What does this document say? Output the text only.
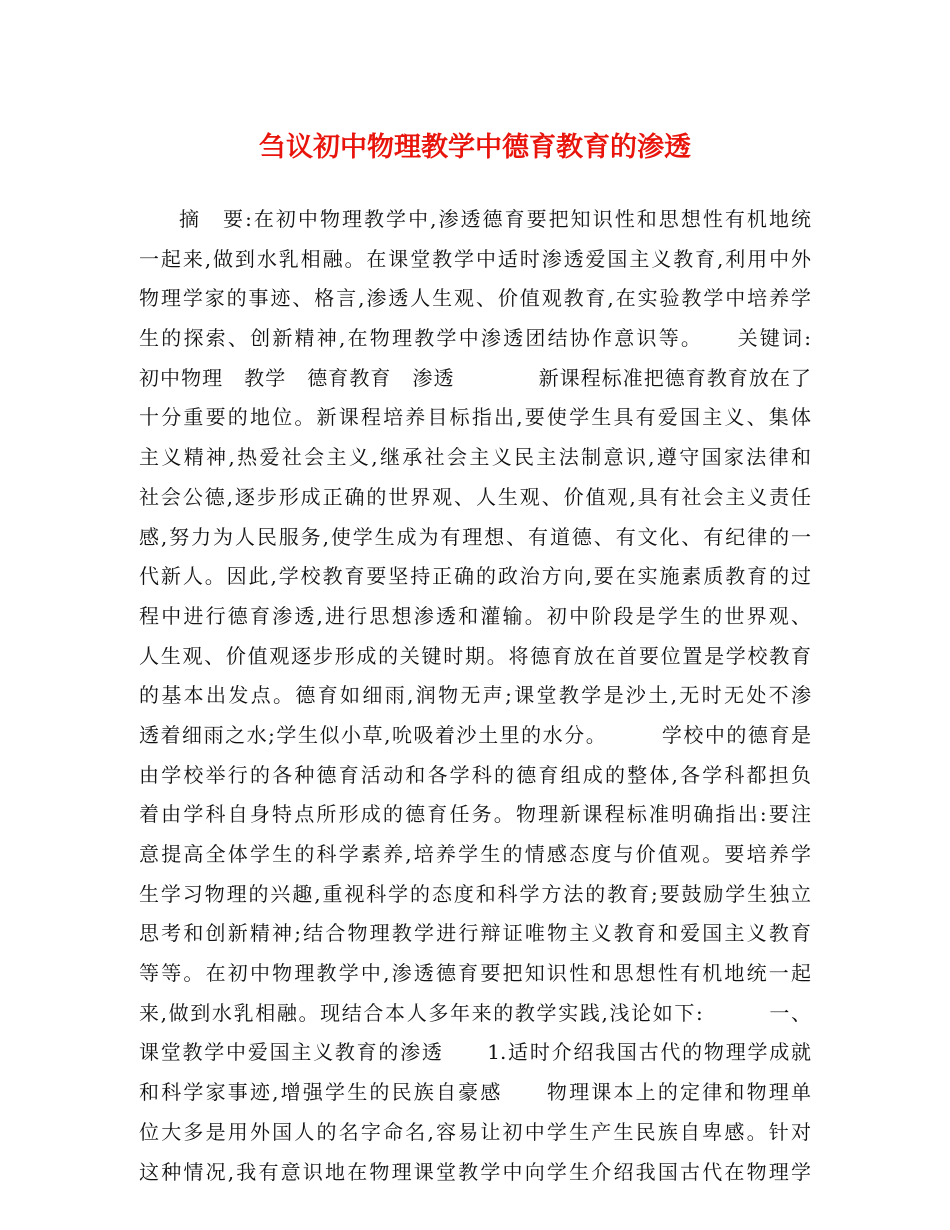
刍议初中物理教学中德育教育的渗透
摘　要:在初中物理教学中,渗透德育要把知识性和思想性有机地统
一起来,做到水乳相融。在课堂教学中适时渗透爱国主义教育,利用中外
物理学家的事迹、格言,渗透人生观、价值观教育,在实验教学中培养学
生的探索、创新精神,在物理教学中渗透团结协作意识等。　　关键词:
初中物理　教学　德育教育　渗透　　　　新课程标准把德育教育放在了
十分重要的地位。新课程培养目标指出,要使学生具有爱国主义、集体
主义精神,热爱社会主义,继承社会主义民主法制意识,遵守国家法律和
社会公德,逐步形成正确的世界观、人生观、价值观,具有社会主义责任
感,努力为人民服务,使学生成为有理想、有道德、有文化、有纪律的一
代新人。因此,学校教育要坚持正确的政治方向,要在实施素质教育的过
程中进行德育渗透,进行思想渗透和灌输。初中阶段是学生的世界观、
人生观、价值观逐步形成的关键时期。将德育放在首要位置是学校教育
的基本出发点。德育如细雨,润物无声;课堂教学是沙土,无时无处不渗
透着细雨之水;学生似小草,吮吸着沙土里的水分。　　　学校中的德育是
由学校举行的各种德育活动和各学科的德育组成的整体,各学科都担负
着由学科自身特点所形成的德育任务。物理新课程标准明确指出:要注
意提高全体学生的科学素养,培养学生的情感态度与价值观。要培养学
生学习物理的兴趣,重视科学的态度和科学方法的教育;要鼓励学生独立
思考和创新精神;结合物理教学进行辩证唯物主义教育和爱国主义教育
等等。在初中物理教学中,渗透德育要把知识性和思想性有机地统一起
来,做到水乳相融。现结合本人多年来的教学实践,浅论如下:　　　一、
课堂教学中爱国主义教育的渗透　　1.适时介绍我国古代的物理学成就
和科学家事迹,增强学生的民族自豪感　　物理课本上的定律和物理单
位大多是用外国人的名字命名,容易让初中学生产生民族自卑感。针对
这种情况,我有意识地在物理课堂教学中向学生介绍我国古代在物理学
